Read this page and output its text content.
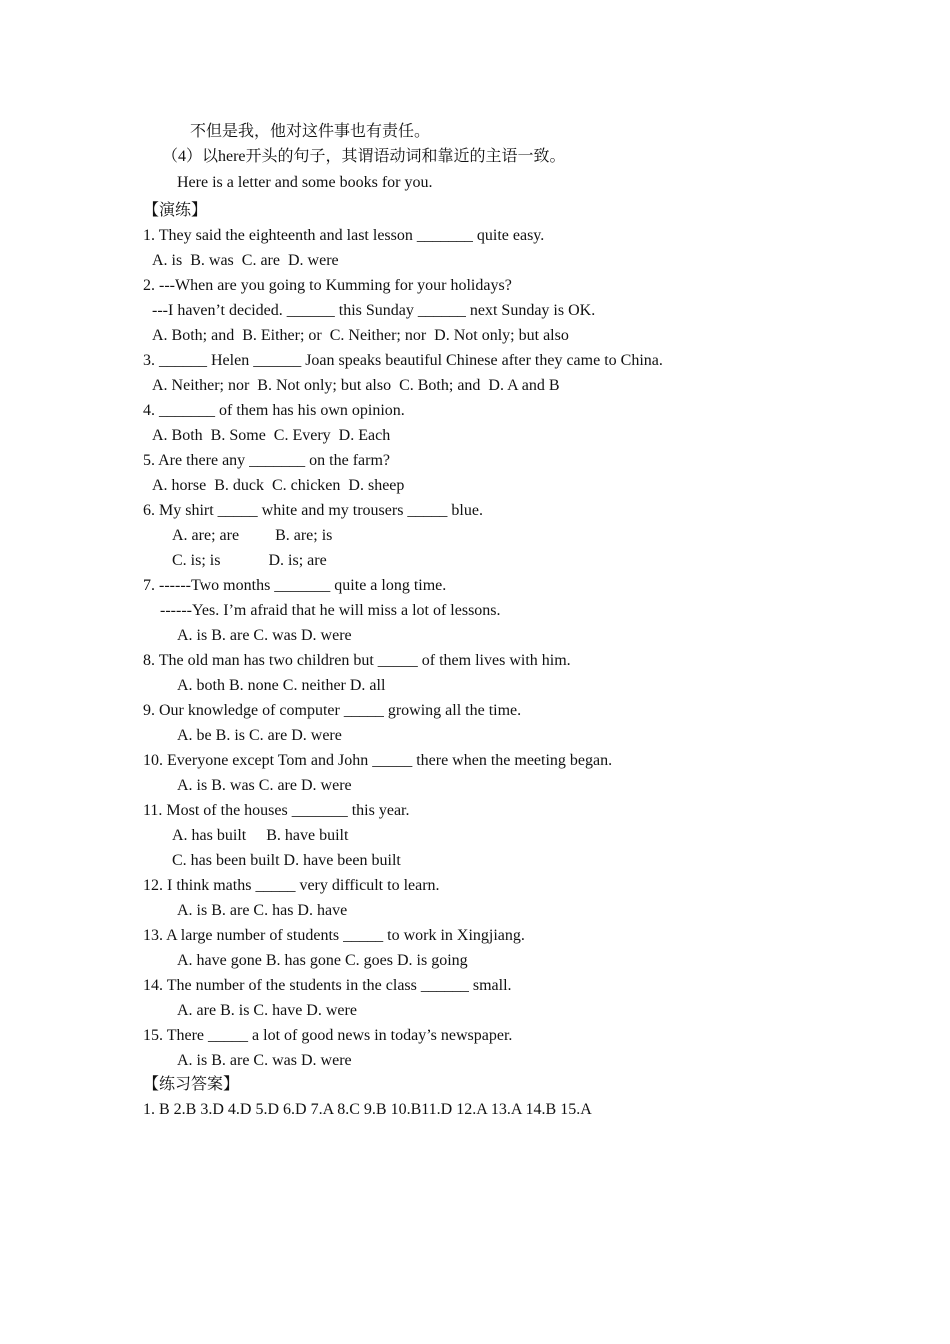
不但是我，他对这件事也有责任。
（4）以here开头的句子，其谓语动词和靠近的主语一致。
Here is a letter and some books for you.
【演练】
1. They said the eighteenth and last lesson _______ quite easy.
A. is  B. was  C. are  D. were
2. ---When are you going to Kumming for your holidays?
---I haven’t decided. ______ this Sunday ______ next Sunday is OK.
A. Both; and  B. Either; or  C. Neither; nor  D. Not only; but also
3. ______ Helen ______ Joan speaks beautiful Chinese after they came to China.
A. Neither; nor  B. Not only; but also  C. Both; and  D. A and B
4. _______ of them has his own opinion.
A. Both  B. Some  C. Every  D. Each
5. Are there any _______ on the farm?
A. horse  B. duck  C. chicken  D. sheep
6. My shirt _____ white and my trousers _____ blue.
A. are; are         B. are; is
C. is; is            D. is; are
7. ------Two months _______ quite a long time.
------Yes. I’m afraid that he will miss a lot of lessons.
A. is B. are C. was D. were
8. The old man has two children but _____ of them lives with him.
A. both B. none C. neither D. all
9. Our knowledge of computer _____ growing all the time.
A. be B. is C. are D. were
10. Everyone except Tom and John _____ there when the meeting began.
A. is B. was C. are D. were
11. Most of the houses _______ this year.
A. has built     B. have built
C. has been built D. have been built
12. I think maths _____ very difficult to learn.
A. is B. are C. has D. have
13. A large number of students _____ to work in Xingjiang.
A. have gone B. has gone C. goes D. is going
14. The number of the students in the class ______ small.
A. are B. is C. have D. were
15. There _____ a lot of good news in today’s newspaper.
A. is B. are C. was D. were
【练习答案】
1. B 2.B 3.D 4.D 5.D 6.D 7.A 8.C 9.B 10.B11.D 12.A 13.A 14.B 15.A
